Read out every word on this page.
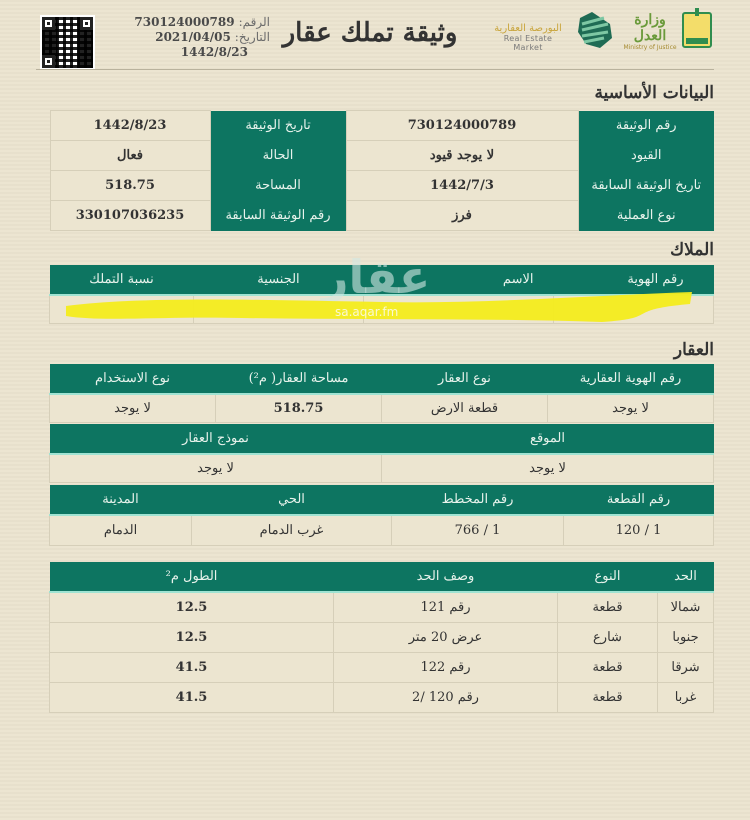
الرقم:
730124000789
التاريخ:
2021/04/05
1442/8/23
وثيقة تملك عقار	البورصة العقارية
Real Estate Market
وزارة العدل
Ministry of Justice
البيانات الأساسية
رقم الوثيقة	730124000789	تاريخ الوثيقة	1442/8/23
القيود	لا يوجد قيود	الحالة	فعال
تاريخ الوثيقة السابقة	1442/7/3	المساحة	518.75
نوع العملية	فرز	رقم الوثيقة السابقة	330107036235
الملاك
رقم الهوية	الاسم	الجنسية	نسبة التملك
				عقار
sa.aqar.fm
العقار
رقم الهوية العقارية	نوع العقار	مساحة العقار( م²)	نوع الاستخدام
لا يوجد	قطعة الارض	518.75	لا يوجد
الموقع	نموذج العقار
لا يوجد	لا يوجد
رقم القطعة	رقم المخطط	الحي	المدينة
1 / 120	1 / 766	غرب الدمام	الدمام
الحد	النوع	وصف الحد	الطول م²
شمالا	قطعة	رقم 121	12.5
جنوبا	شارع	عرض 20 متر	12.5
شرقا	قطعة	رقم 122	41.5
غربا	قطعة	رقم 120 /2	41.5
